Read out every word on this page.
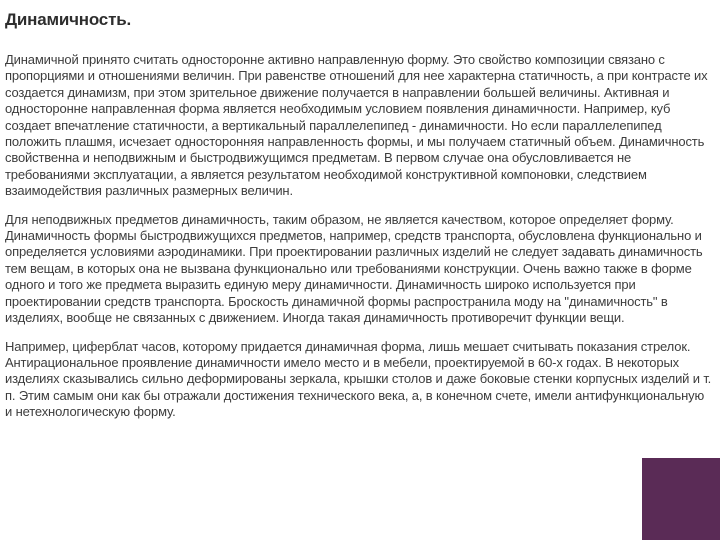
Динамичность.

Динамичной принято считать односторонне активно направленную форму. Это свойство композиции связано с пропорциями и отношениями величин. При равенстве отношений для нее характерна статичность, а при контрасте их создается динамизм, при этом зрительное движение получается в направлении большей величины. Активная и односторонне направленная форма является необходимым условием появления динамичности. Например, куб создает впечатление статичности, а вертикальный параллелепипед - динамичности. Но если параллелепипед положить плашмя, исчезает односторонняя направленность формы, и мы получаем статичный объем. Динамичность свойственна и неподвижным и быстродвижущимся предметам. В первом случае она обусловливается не требованиями эксплуатации, а является результатом необходимой конструктивной компоновки, следствием взаимодействия различных размерных величин.

Для неподвижных предметов динамичность, таким образом, не является качеством, которое определяет форму. Динамичность формы быстродвижущихся предметов, например, средств транспорта, обусловлена функционально и определяется условиями аэродинамики. При проектировании различных изделий не следует задавать динамичность тем вещам, в которых она не вызвана функционально или требованиями конструкции. Очень важно также в форме одного и того же предмета выразить единую меру динамичности. Динамичность широко используется при проектировании средств транспорта. Броскость динамичной формы распространила моду на "динамичность" в изделиях, вообще не связанных с движением. Иногда такая динамичность противоречит функции вещи.

Например, циферблат часов, которому придается динамичная форма, лишь мешает считывать показания стрелок. Антирациональное проявление динамичности имело место и в мебели, проектируемой в 60-х годах. В некоторых изделиях сказывались сильно деформированы зеркала, крышки столов и даже боковые стенки корпусных изделий и т. п. Этим самым они как бы отражали достижения технического века, а, в конечном счете, имели антифункциональную и нетехнологическую форму.
